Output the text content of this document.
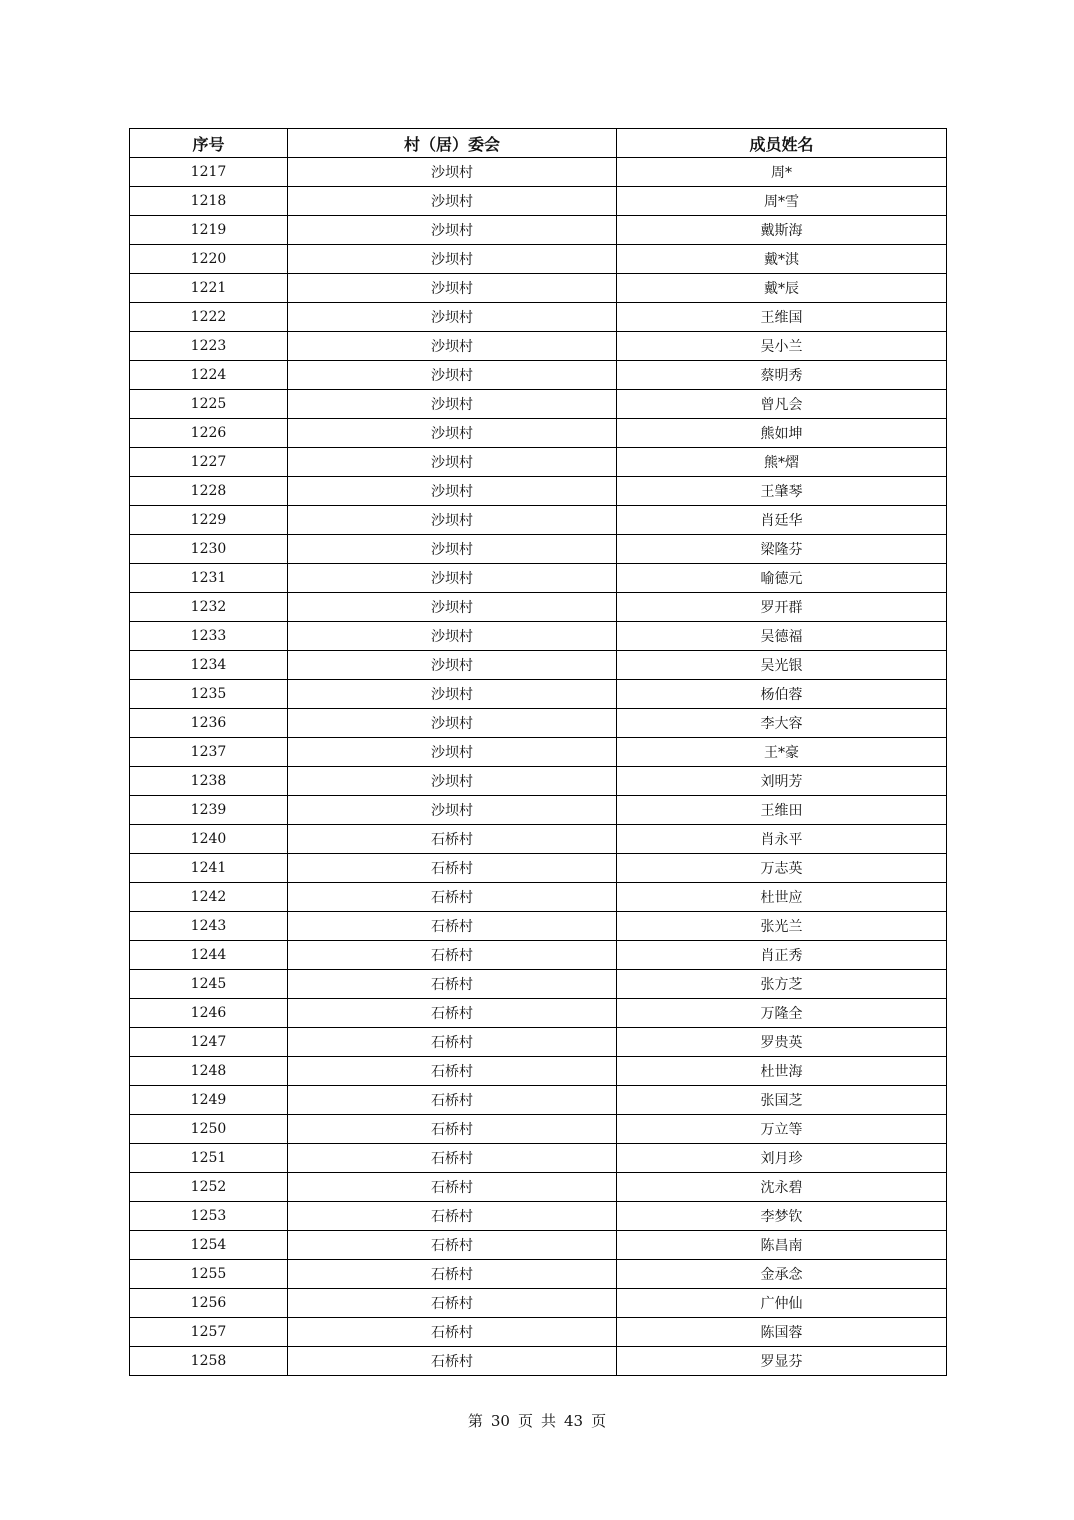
序号	村（居）委会	成员姓名
1217	沙坝村	周*
1218	沙坝村	周*雪
1219	沙坝村	戴斯海
1220	沙坝村	戴*淇
1221	沙坝村	戴*辰
1222	沙坝村	王维国
1223	沙坝村	吴小兰
1224	沙坝村	蔡明秀
1225	沙坝村	曾凡会
1226	沙坝村	熊如坤
1227	沙坝村	熊*熠
1228	沙坝村	王肇琴
1229	沙坝村	肖廷华
1230	沙坝村	梁隆芬
1231	沙坝村	喻德元
1232	沙坝村	罗开群
1233	沙坝村	吴德福
1234	沙坝村	吴光银
1235	沙坝村	杨伯蓉
1236	沙坝村	李大容
1237	沙坝村	王*豪
1238	沙坝村	刘明芳
1239	沙坝村	王维田
1240	石桥村	肖永平
1241	石桥村	万志英
1242	石桥村	杜世应
1243	石桥村	张光兰
1244	石桥村	肖正秀
1245	石桥村	张方芝
1246	石桥村	万隆全
1247	石桥村	罗贵英
1248	石桥村	杜世海
1249	石桥村	张国芝
1250	石桥村	万立等
1251	石桥村	刘月珍
1252	石桥村	沈永碧
1253	石桥村	李梦钦
1254	石桥村	陈昌南
1255	石桥村	金承念
1256	石桥村	广仲仙
1257	石桥村	陈国蓉
1258	石桥村	罗显芬
第 30 页 共 43 页
